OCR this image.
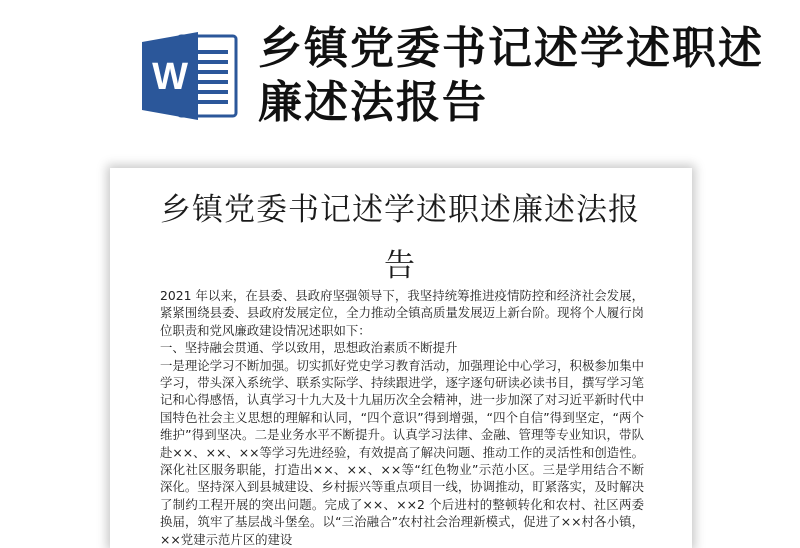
W
乡镇党委书记述学述职述廉述法报告
乡镇党委书记述学述职述廉述法报告

2021 年以来，在县委、县政府坚强领导下，我坚持统筹推进疫情防控和经济社会发展，紧紧围绕县委、县政府发展定位，全力推动全镇高质量发展迈上新台阶。现将个人履行岗位职责和党风廉政建设情况述职如下：

一、坚持融会贯通、学以致用，思想政治素质不断提升

一是理论学习不断加强。切实抓好党史学习教育活动，加强理论中心学习，积极参加集中学习，带头深入系统学、联系实际学、持续跟进学，逐字逐句研读必读书目，撰写学习笔记和心得感悟，认真学习十九大及十九届历次全会精神，进一步加深了对习近平新时代中国特色社会主义思想的理解和认同，“四个意识”得到增强，“四个自信”得到坚定，“两个维护”得到坚决。二是业务水平不断提升。认真学习法律、金融、管理等专业知识，带队赴××、××、××等学习先进经验，有效提高了解决问题、推动工作的灵活性和创造性。深化社区服务职能，打造出××、××、××等“红色物业”示范小区。三是学用结合不断深化。坚持深入到县城建设、乡村振兴等重点项目一线，协调推动，盯紧落实，及时解决了制约工程开展的突出问题。完成了××、××2 个后进村的整顿转化和农村、社区两委换届，筑牢了基层战斗堡垒。以“三治融合”农村社会治理新模式，促进了××村各小镇，××党建示范片区的建设
